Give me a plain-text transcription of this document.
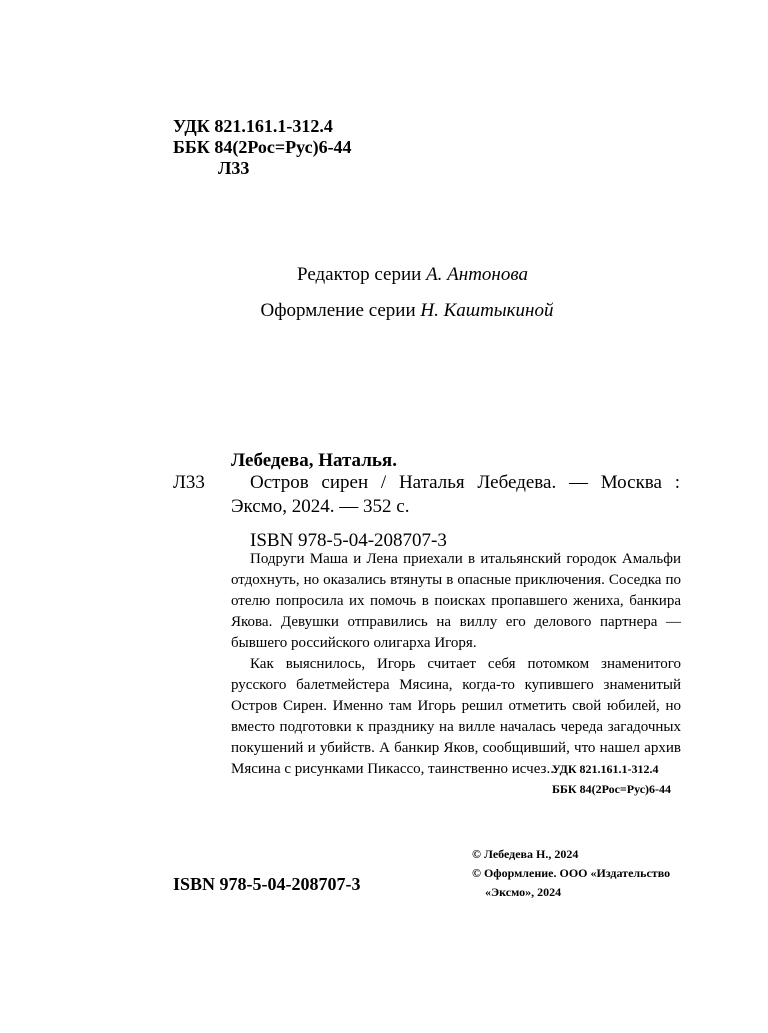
УДК 821.161.1-312.4
ББК 84(2Рос=Рус)6-44
Л33
Редактор серии А. Антонова
Оформление серии Н. Каштыкиной
Лебедева, Наталья.
Л33 Остров сирен / Наталья Лебедева. — Москва :
Эксмо, 2024. — 352 с.
ISBN 978-5-04-208707-3

Подруги Маша и Лена приехали в итальянский городок Амальфи отдохнуть, но оказались втянуты в опасные приключения. Соседка по отелю попросила их помочь в поисках пропавшего жениха, банкира Якова. Девушки отправились на виллу его делового партнера — бывшего российского олигарха Игоря.

Как выяснилось, Игорь считает себя потомком знаменитого русского балетмейстера Мясина, когда-то купившего знаменитый Остров Сирен. Именно там Игорь решил отметить свой юбилей, но вместо подготовки к празднику на вилле началась череда загадочных покушений и убийств. А банкир Яков, сообщивший, что нашел архив Мясина с рисунками Пикассо, таинственно исчез...

УДК 821.161.1-312.4
ББК 84(2Рос=Рус)6-44
© Лебедева Н., 2024
© Оформление. ООО «Издательство
«Эксмо», 2024
ISBN 978-5-04-208707-3
